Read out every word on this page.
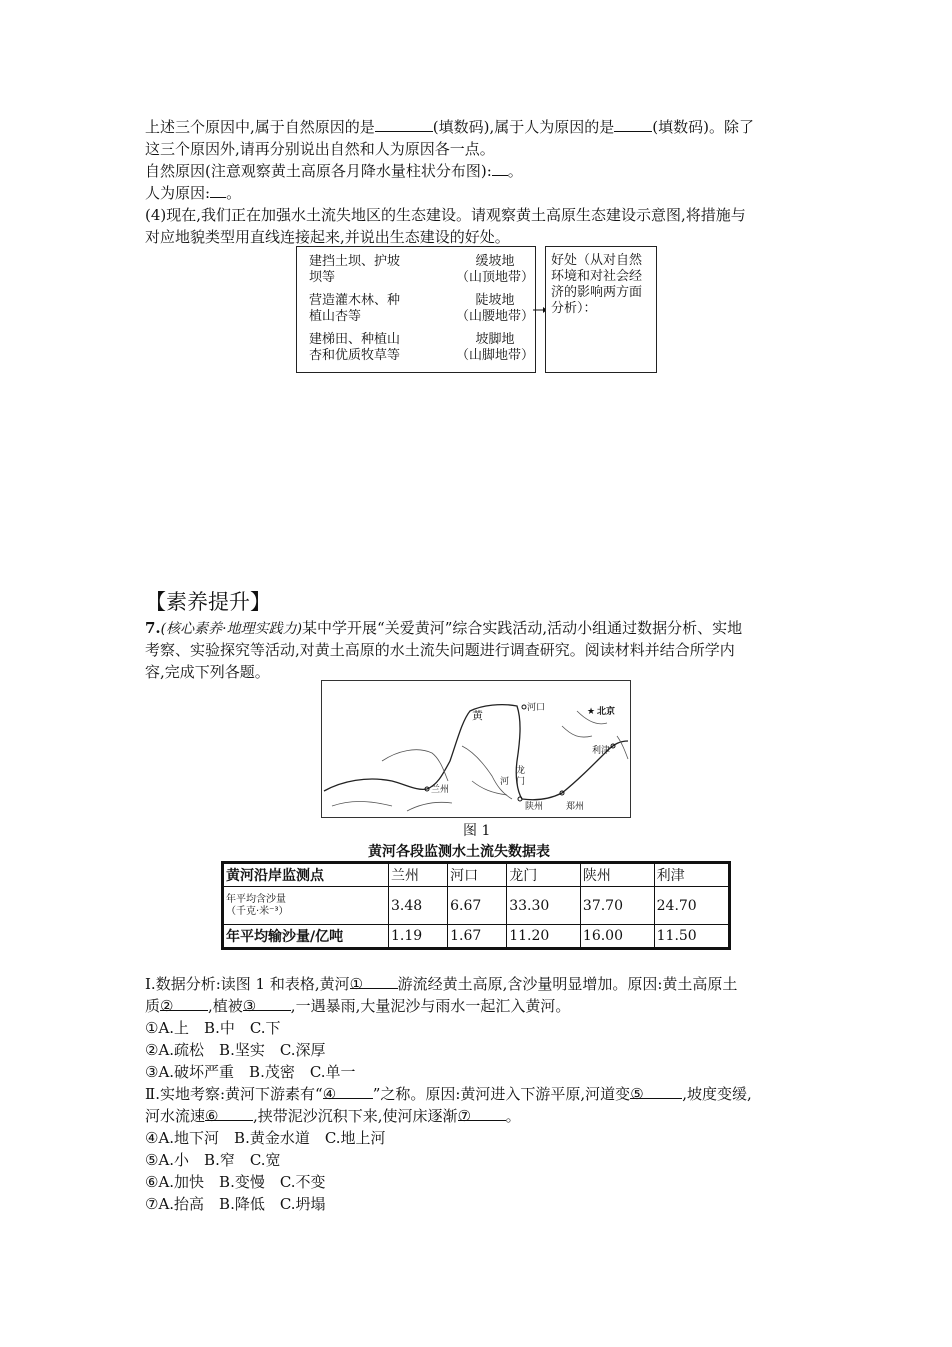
上述三个原因中,属于自然原因的是	(填数码),属于人为原因的是	(填数码)。除了
这三个原因外,请再分别说出自然和人为原因各一点。
自然原因(注意观察黄土高原各月降水量柱状分布图): 。
人为原因: 。
(4)现在,我们正在加强水土流失地区的生态建设。请观察黄土高原生态建设示意图,将措施与
对应地貌类型用直线连接起来,并说出生态建设的好处。
建挡土坝、护坡
坝等
营造灌木林、种
植山杏等
建梯田、种植山
杏和优质牧草等
缓坡地
（山顶地带）
陡坡地
（山腰地带）
坡脚地
（山脚地带）
好处（从对自然
环境和对社会经
济的影响两方面
分析）：
【素养提升】
7.(核心素养·地理实践力)某中学开展“关爱黄河”综合实践活动,活动小组通过数据分析、实地
考察、实验探究等活动,对黄土高原的水土流失问题进行调查研究。阅读材料并结合所学内
容,完成下列各题。
★
黄
河口	北京
利津
兰州
龙
门
河
陕州	郑州
图 1
黄河各段监测水土流失数据表
黄河沿岸监测点	兰州	河口	龙门	陕州	利津
年平均含沙量
（千克·米⁻³）	3.48	6.67	33.30	37.70	24.70
年平均输沙量/亿吨	1.19	1.67	11.20	16.00	11.50
Ⅰ.数据分析:读图 1 和表格,黄河① 游流经黄土高原,含沙量明显增加。原因:黄土高原土
质② ,植被③ ,一遇暴雨,大量泥沙与雨水一起汇入黄河。
①A.上　B.中　C.下
②A.疏松　B.坚实　C.深厚
③A.破坏严重　B.茂密　C.单一
Ⅱ.实地考察:黄河下游素有“④ ”之称。原因:黄河进入下游平原,河道变⑤	,坡度变缓,
河水流速⑥ ,挟带泥沙沉积下来,使河床逐渐⑦ 。
④A.地下河　B.黄金水道　C.地上河
⑤A.小　B.窄　C.宽
⑥A.加快　B.变慢　C.不变
⑦A.抬高　B.降低　C.坍塌
